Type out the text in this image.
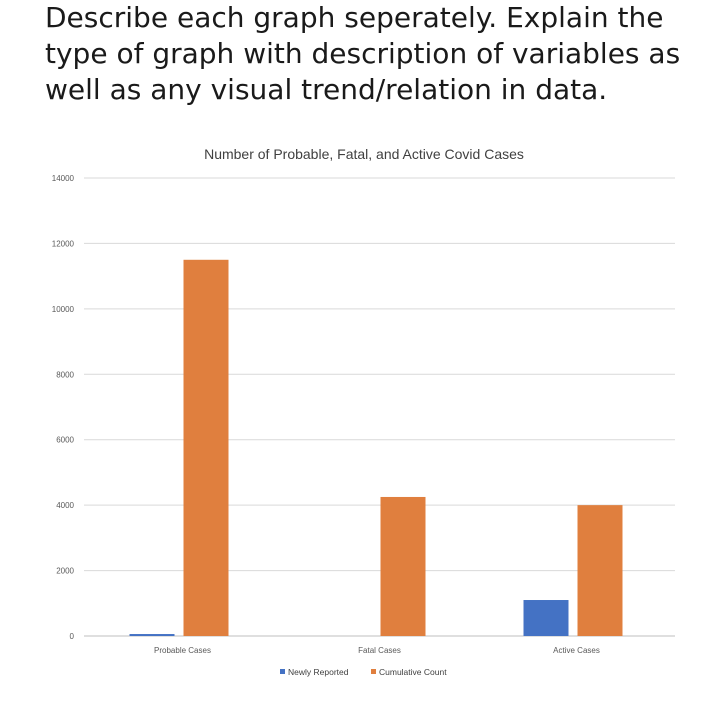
Describe each graph seperately. Explain the
type of graph with description of variables as
well as any visual trend/relation in data.
Number of Probable, Fatal, and Active Covid Cases
0
2000
4000
6000
8000
10000
12000
14000
Probable Cases	Fatal Cases	Active Cases
Newly Reported	Cumulative Count
